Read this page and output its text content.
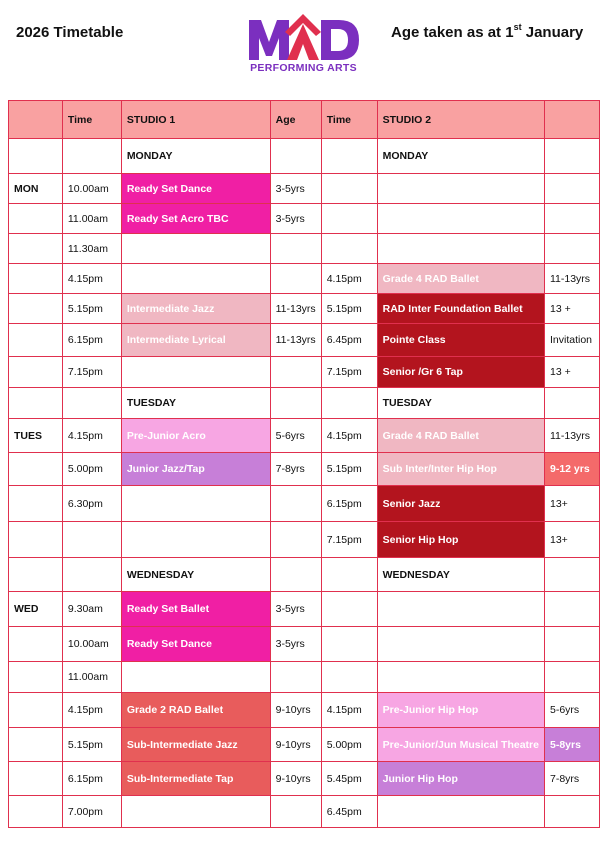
2026 Timetable
PERFORMING ARTS
Age taken as at 1st January
	Time	STUDIO 1	Age	Time	STUDIO 2	
		MONDAY			MONDAY	
MON	10.00am	Ready Set Dance	3-5yrs			
	11.00am	Ready Set Acro TBC	3-5yrs			
	11.30am					
	4.15pm			4.15pm	Grade 4 RAD Ballet	11-13yrs
	5.15pm	Intermediate Jazz	11-13yrs	5.15pm	RAD Inter Foundation Ballet	13 +
	6.15pm	Intermediate Lyrical	11-13yrs	6.45pm	Pointe Class	Invitation
	7.15pm			7.15pm	Senior /Gr 6 Tap	13 +
		TUESDAY			TUESDAY	
TUES	4.15pm	Pre-Junior Acro	5-6yrs	4.15pm	Grade 4 RAD Ballet	11-13yrs
	5.00pm	Junior Jazz/Tap	7-8yrs	5.15pm	Sub Inter/Inter Hip Hop	9-12 yrs
	6.30pm			6.15pm	Senior Jazz	13+
				7.15pm	Senior Hip Hop	13+
		WEDNESDAY			WEDNESDAY	
WED	9.30am	Ready Set Ballet	3-5yrs			
	10.00am	Ready Set Dance	3-5yrs			
	11.00am					
	4.15pm	Grade 2 RAD Ballet	9-10yrs	4.15pm	Pre-Junior Hip Hop	5-6yrs
	5.15pm	Sub-Intermediate Jazz	9-10yrs	5.00pm	Pre-Junior/Jun Musical Theatre	5-8yrs
	6.15pm	Sub-Intermediate Tap	9-10yrs	5.45pm	Junior Hip Hop	7-8yrs
	7.00pm			6.45pm		
